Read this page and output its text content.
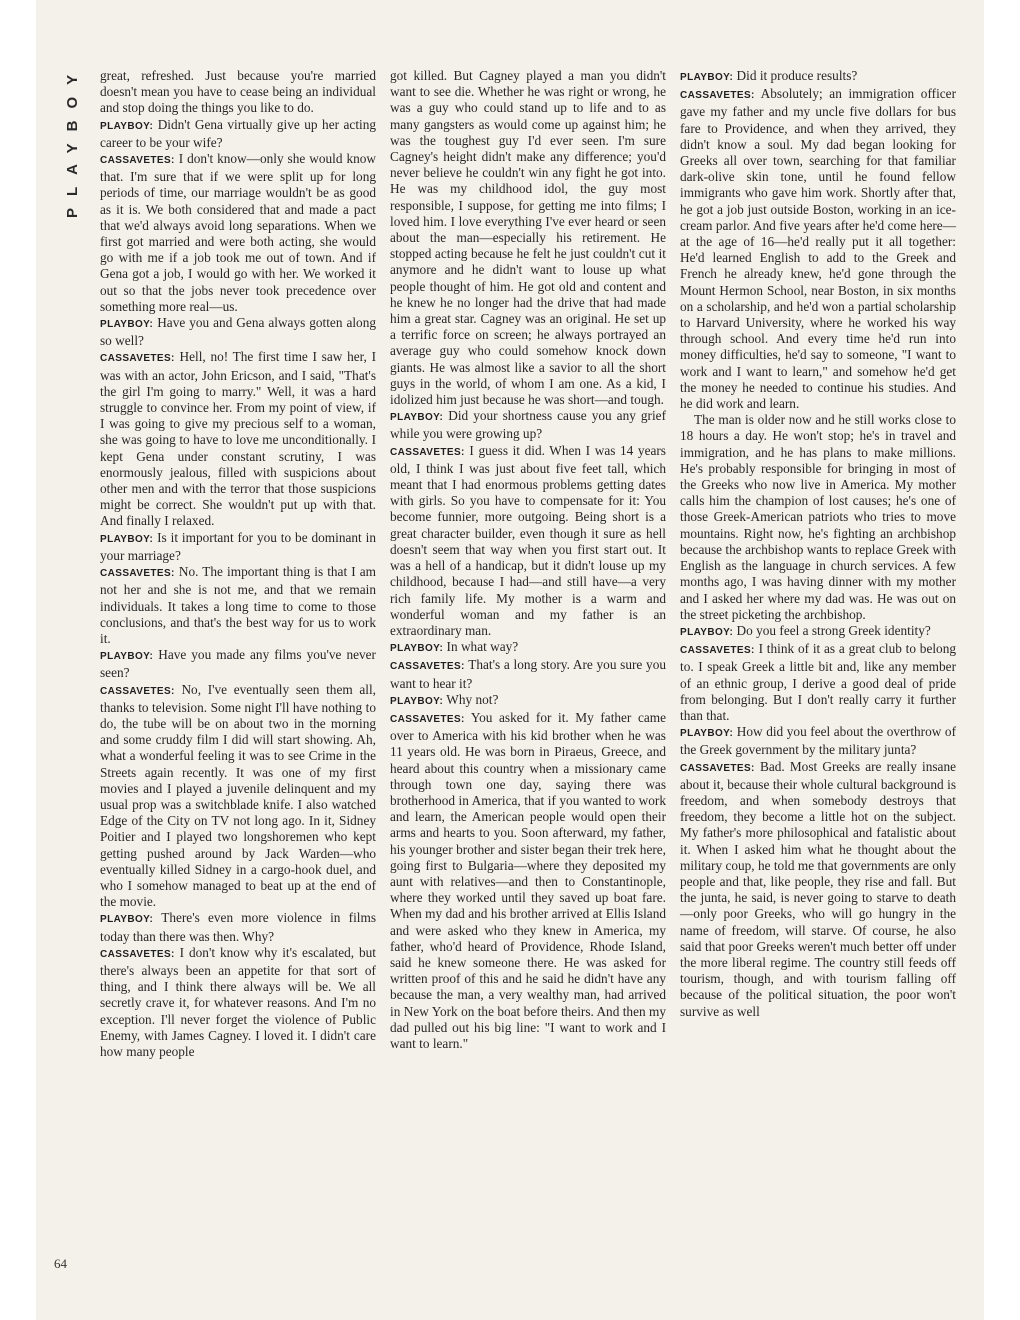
PLAYBOY
64

great, refreshed. Just because you're married doesn't mean you have to cease being an individual and stop doing the things you like to do.

PLAYBOY: Didn't Gena virtually give up her acting career to be your wife?

CASSAVETES: I don't know—only she would know that. I'm sure that if we were split up for long periods of time, our marriage wouldn't be as good as it is. We both considered that and made a pact that we'd always avoid long separations. When we first got married and were both acting, she would go with me if a job took me out of town. And if Gena got a job, I would go with her. We worked it out so that the jobs never took precedence over something more real—us.

PLAYBOY: Have you and Gena always gotten along so well?

CASSAVETES: Hell, no! The first time I saw her, I was with an actor, John Ericson, and I said, "That's the girl I'm going to marry." Well, it was a hard struggle to convince her. From my point of view, if I was going to give my precious self to a woman, she was going to have to love me unconditionally. I kept Gena under constant scrutiny, I was enormously jealous, filled with suspicions about other men and with the terror that those suspicions might be correct. She wouldn't put up with that. And finally I relaxed.

PLAYBOY: Is it important for you to be dominant in your marriage?

CASSAVETES: No. The important thing is that I am not her and she is not me, and that we remain individuals. It takes a long time to come to those conclusions, and that's the best way for us to work it.

PLAYBOY: Have you made any films you've never seen?

CASSAVETES: No, I've eventually seen them all, thanks to television. Some night I'll have nothing to do, the tube will be on about two in the morning and some cruddy film I did will start showing. Ah, what a wonderful feeling it was to see Crime in the Streets again recently. It was one of my first movies and I played a juvenile delinquent and my usual prop was a switchblade knife. I also watched Edge of the City on TV not long ago. In it, Sidney Poitier and I played two longshoremen who kept getting pushed around by Jack Warden—who eventually killed Sidney in a cargo-hook duel, and who I somehow managed to beat up at the end of the movie.

PLAYBOY: There's even more violence in films today than there was then. Why?

CASSAVETES: I don't know why it's escalated, but there's always been an appetite for that sort of thing, and I think there always will be. We all secretly crave it, for whatever reasons. And I'm no exception. I'll never forget the violence of Public Enemy, with James Cagney. I loved it. I didn't care how many people

got killed. But Cagney played a man you didn't want to see die. Whether he was right or wrong, he was a guy who could stand up to life and to as many gangsters as would come up against him; he was the toughest guy I'd ever seen. I'm sure Cagney's height didn't make any difference; you'd never believe he couldn't win any fight he got into. He was my childhood idol, the guy most responsible, I suppose, for getting me into films; I loved him. I love everything I've ever heard or seen about the man—especially his retirement. He stopped acting because he felt he just couldn't cut it anymore and he didn't want to louse up what people thought of him. He got old and content and he knew he no longer had the drive that had made him a great star. Cagney was an original. He set up a terrific force on screen; he always portrayed an average guy who could somehow knock down giants. He was almost like a savior to all the short guys in the world, of whom I am one. As a kid, I idolized him just because he was short—and tough.

PLAYBOY: Did your shortness cause you any grief while you were growing up?

CASSAVETES: I guess it did. When I was 14 years old, I think I was just about five feet tall, which meant that I had enormous problems getting dates with girls. So you have to compensate for it: You become funnier, more outgoing. Being short is a great character builder, even though it sure as hell doesn't seem that way when you first start out. It was a hell of a handicap, but it didn't louse up my childhood, because I had—and still have—a very rich family life. My mother is a warm and wonderful woman and my father is an extraordinary man.

PLAYBOY: In what way?

CASSAVETES: That's a long story. Are you sure you want to hear it?

PLAYBOY: Why not?

CASSAVETES: You asked for it. My father came over to America with his kid brother when he was 11 years old. He was born in Piraeus, Greece, and heard about this country when a missionary came through town one day, saying there was brotherhood in America, that if you wanted to work and learn, the American people would open their arms and hearts to you. Soon afterward, my father, his younger brother and sister began their trek here, going first to Bulgaria—where they deposited my aunt with relatives—and then to Constantinople, where they worked until they saved up boat fare. When my dad and his brother arrived at Ellis Island and were asked who they knew in America, my father, who'd heard of Providence, Rhode Island, said he knew someone there. He was asked for written proof of this and he said he didn't have any because the man, a very wealthy man, had arrived in New York on the boat before theirs. And then my dad pulled out his big line: "I want to work and I want to learn."

PLAYBOY: Did it produce results?

CASSAVETES: Absolutely; an immigration officer gave my father and my uncle five dollars for bus fare to Providence, and when they arrived, they didn't know a soul. My dad began looking for Greeks all over town, searching for that familiar dark-olive skin tone, until he found fellow immigrants who gave him work. Shortly after that, he got a job just outside Boston, working in an ice-cream parlor. And five years after he'd come here—at the age of 16—he'd really put it all together: He'd learned English to add to the Greek and French he already knew, he'd gone through the Mount Hermon School, near Boston, in six months on a scholarship, and he'd won a partial scholarship to Harvard University, where he worked his way through school. And every time he'd run into money difficulties, he'd say to someone, "I want to work and I want to learn," and somehow he'd get the money he needed to continue his studies. And he did work and learn.

The man is older now and he still works close to 18 hours a day. He won't stop; he's in travel and immigration, and he has plans to make millions. He's probably responsible for bringing in most of the Greeks who now live in America. My mother calls him the champion of lost causes; he's one of those Greek-American patriots who tries to move mountains. Right now, he's fighting an archbishop because the archbishop wants to replace Greek with English as the language in church services. A few months ago, I was having dinner with my mother and I asked her where my dad was. He was out on the street picketing the archbishop.

PLAYBOY: Do you feel a strong Greek identity?

CASSAVETES: I think of it as a great club to belong to. I speak Greek a little bit and, like any member of an ethnic group, I derive a good deal of pride from belonging. But I don't really carry it further than that.

PLAYBOY: How did you feel about the overthrow of the Greek government by the military junta?

CASSAVETES: Bad. Most Greeks are really insane about it, because their whole cultural background is freedom, and when somebody destroys that freedom, they become a little hot on the subject. My father's more philosophical and fatalistic about it. When I asked him what he thought about the military coup, he told me that governments are only people and that, like people, they rise and fall. But the junta, he said, is never going to starve to death—only poor Greeks, who will go hungry in the name of freedom, will starve. Of course, he also said that poor Greeks weren't much better off under the more liberal regime. The country still feeds off tourism, though, and with tourism falling off because of the political situation, the poor won't survive as well
